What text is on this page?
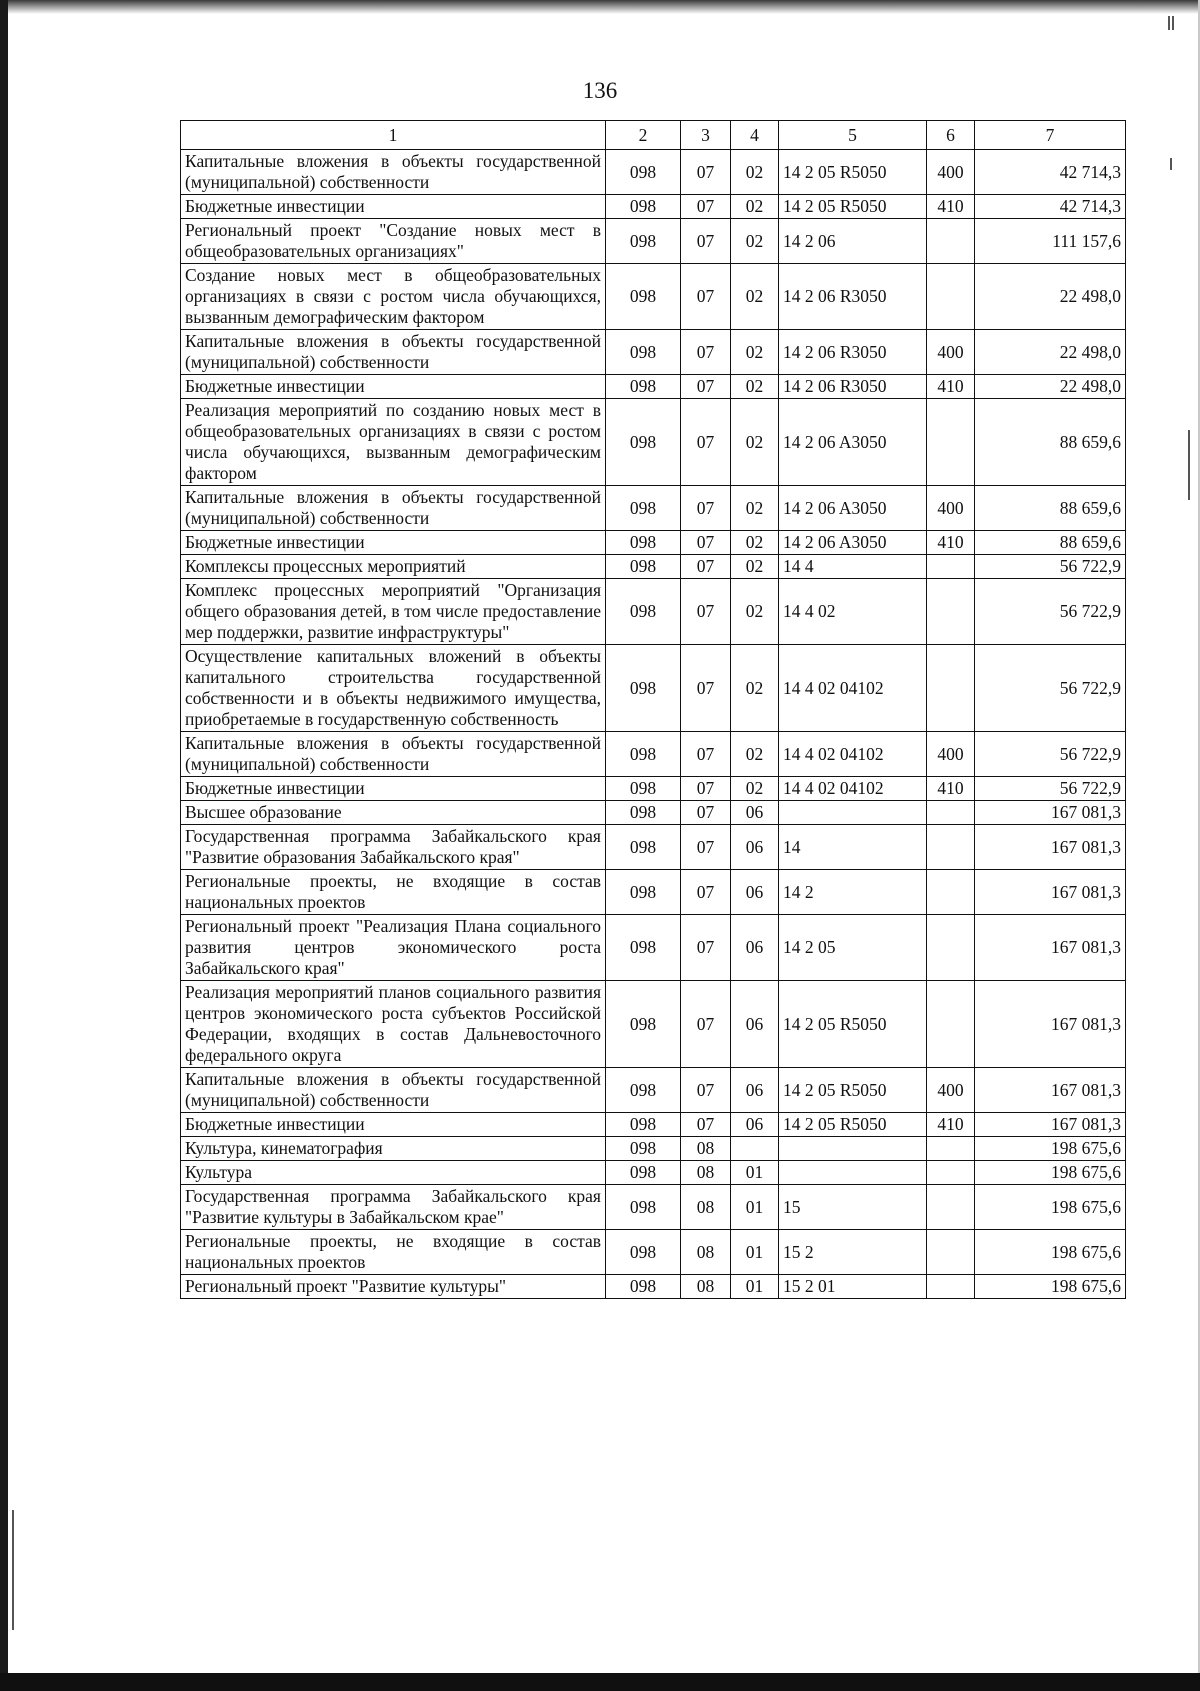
136
1	2	3	4	5	6	7
Капитальные вложения в объекты государственной (муниципальной) собственности	098	07	02	14 2 05 R5050	400	42 714,3
Бюджетные инвестиции	098	07	02	14 2 05 R5050	410	42 714,3
Региональный проект "Создание новых мест в общеобразовательных организациях"	098	07	02	14 2 06		111 157,6
Создание новых мест в общеобразовательных организациях в связи с ростом числа обучающихся, вызванным демографическим фактором	098	07	02	14 2 06 R3050		22 498,0
Капитальные вложения в объекты государственной (муниципальной) собственности	098	07	02	14 2 06 R3050	400	22 498,0
Бюджетные инвестиции	098	07	02	14 2 06 R3050	410	22 498,0
Реализация мероприятий по созданию новых мест в общеобразовательных организациях в связи с ростом числа обучающихся, вызванным демографическим фактором	098	07	02	14 2 06 A3050		88 659,6
Капитальные вложения в объекты государственной (муниципальной) собственности	098	07	02	14 2 06 A3050	400	88 659,6
Бюджетные инвестиции	098	07	02	14 2 06 A3050	410	88 659,6
Комплексы процессных мероприятий	098	07	02	14 4		56 722,9
Комплекс процессных мероприятий "Организация общего образования детей, в том числе предоставление мер поддержки, развитие инфраструктуры"	098	07	02	14 4 02		56 722,9
Осуществление капитальных вложений в объекты капитального строительства государственной собственности и в объекты недвижимого имущества, приобретаемые в государственную собственность	098	07	02	14 4 02 04102		56 722,9
Капитальные вложения в объекты государственной (муниципальной) собственности	098	07	02	14 4 02 04102	400	56 722,9
Бюджетные инвестиции	098	07	02	14 4 02 04102	410	56 722,9
Высшее образование	098	07	06			167 081,3
Государственная программа Забайкальского края "Развитие образования Забайкальского края"	098	07	06	14		167 081,3
Региональные проекты, не входящие в состав национальных проектов	098	07	06	14 2		167 081,3
Региональный проект "Реализация Плана социального развития центров экономического роста Забайкальского края"	098	07	06	14 2 05		167 081,3
Реализация мероприятий планов социального развития центров экономического роста субъектов Российской Федерации, входящих в состав Дальневосточного федерального округа	098	07	06	14 2 05 R5050		167 081,3
Капитальные вложения в объекты государственной (муниципальной) собственности	098	07	06	14 2 05 R5050	400	167 081,3
Бюджетные инвестиции	098	07	06	14 2 05 R5050	410	167 081,3
Культура, кинематография	098	08				198 675,6
Культура	098	08	01			198 675,6
Государственная программа Забайкальского края "Развитие культуры в Забайкальском крае"	098	08	01	15		198 675,6
Региональные проекты, не входящие в состав национальных проектов	098	08	01	15 2		198 675,6
Региональный проект "Развитие культуры"	098	08	01	15 2 01		198 675,6
